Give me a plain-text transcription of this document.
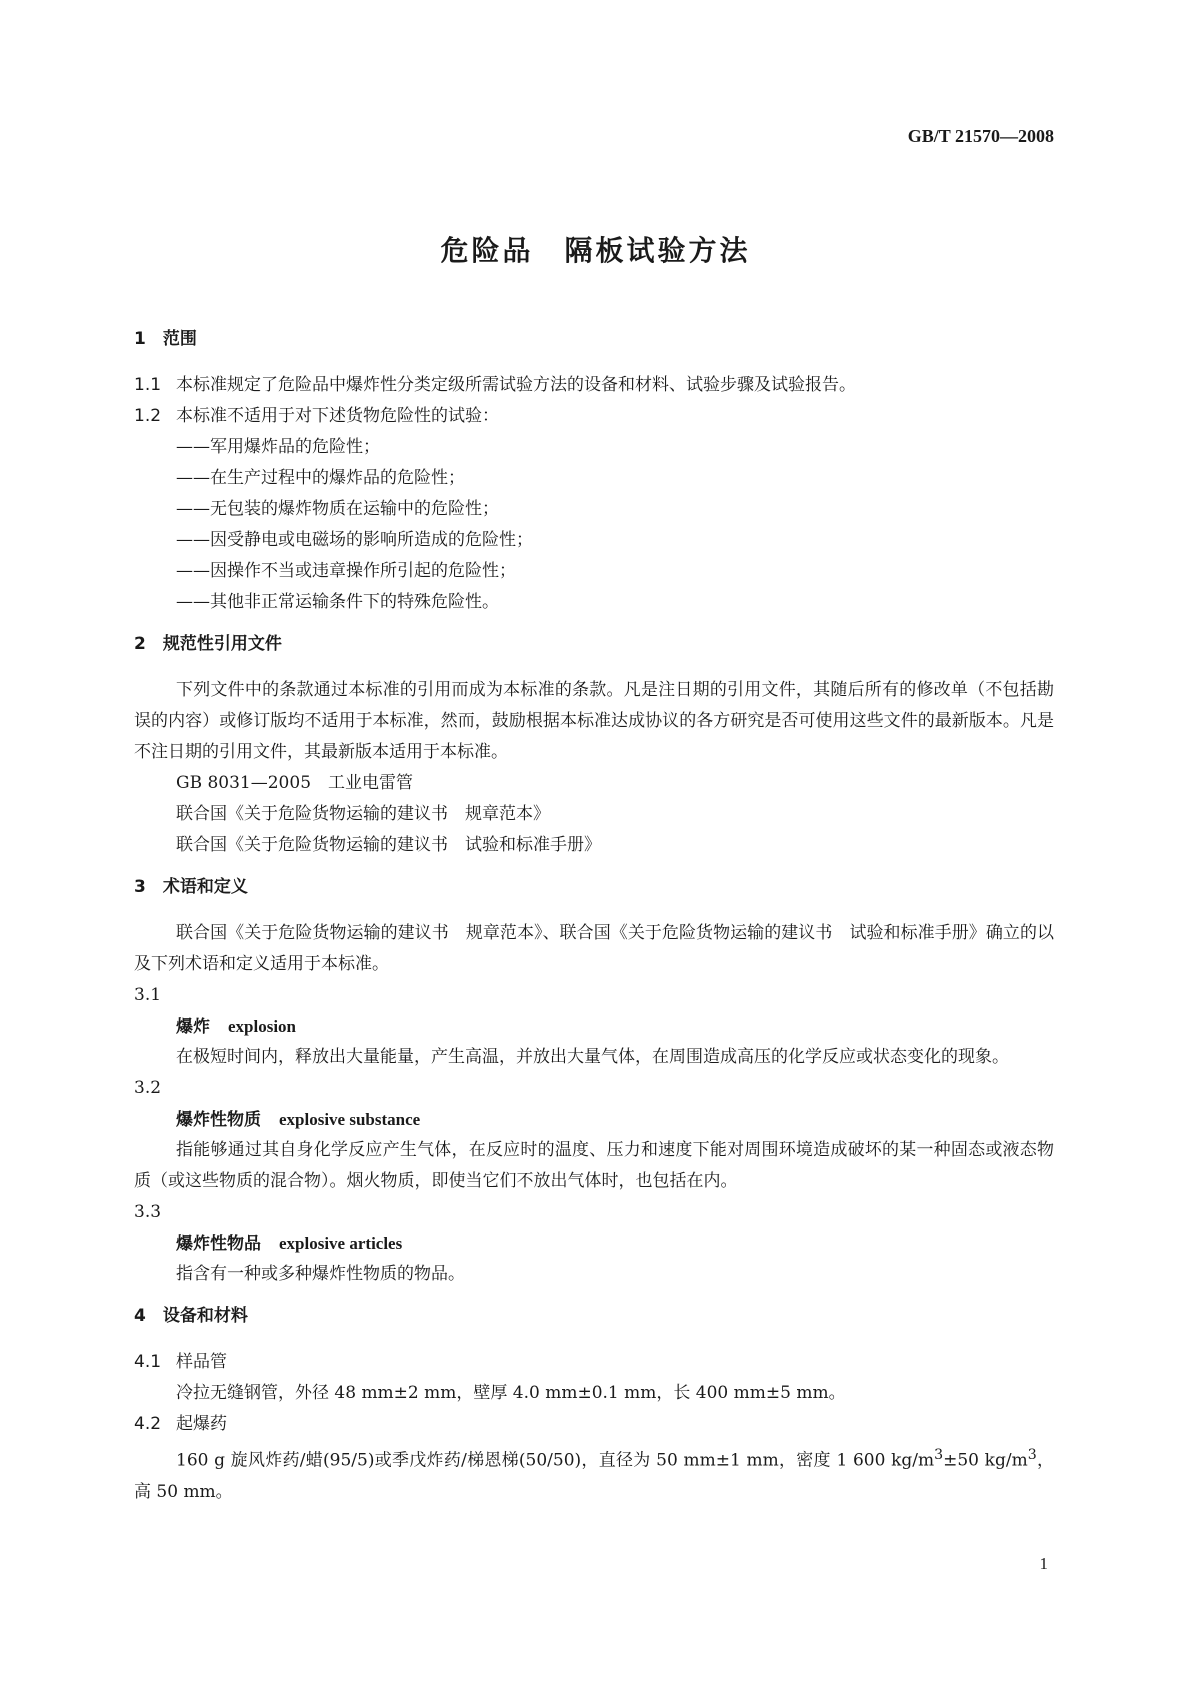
GB/T 21570—2008
危险品　隔板试验方法
1　范围
1.1 本标准规定了危险品中爆炸性分类定级所需试验方法的设备和材料、试验步骤及试验报告。
1.2 本标准不适用于对下述货物危险性的试验：
——军用爆炸品的危险性；
——在生产过程中的爆炸品的危险性；
——无包装的爆炸物质在运输中的危险性；
——因受静电或电磁场的影响所造成的危险性；
——因操作不当或违章操作所引起的危险性；
——其他非正常运输条件下的特殊危险性。
2　规范性引用文件
下列文件中的条款通过本标准的引用而成为本标准的条款。凡是注日期的引用文件，其随后所有的修改单（不包括勘误的内容）或修订版均不适用于本标准，然而，鼓励根据本标准达成协议的各方研究是否可使用这些文件的最新版本。凡是不注日期的引用文件，其最新版本适用于本标准。
GB 8031—2005　工业电雷管
联合国《关于危险货物运输的建议书　规章范本》
联合国《关于危险货物运输的建议书　试验和标准手册》
3　术语和定义
联合国《关于危险货物运输的建议书　规章范本》、联合国《关于危险货物运输的建议书　试验和标准手册》确立的以及下列术语和定义适用于本标准。
3.1
爆炸 explosion
在极短时间内，释放出大量能量，产生高温，并放出大量气体，在周围造成高压的化学反应或状态变化的现象。
3.2
爆炸性物质 explosive substance
指能够通过其自身化学反应产生气体，在反应时的温度、压力和速度下能对周围环境造成破坏的某一种固态或液态物质（或这些物质的混合物）。烟火物质，即使当它们不放出气体时，也包括在内。
3.3
爆炸性物品 explosive articles
指含有一种或多种爆炸性物质的物品。
4　设备和材料
4.1 样品管
冷拉无缝钢管，外径 48 mm±2 mm，壁厚 4.0 mm±0.1 mm，长 400 mm±5 mm。
4.2 起爆药
160 g 旋风炸药/蜡(95/5)或季戊炸药/梯恩梯(50/50)，直径为 50 mm±1 mm，密度 1 600 $kg/m^3\pm 50$ $kg/m^3$，高 50 mm。
1
